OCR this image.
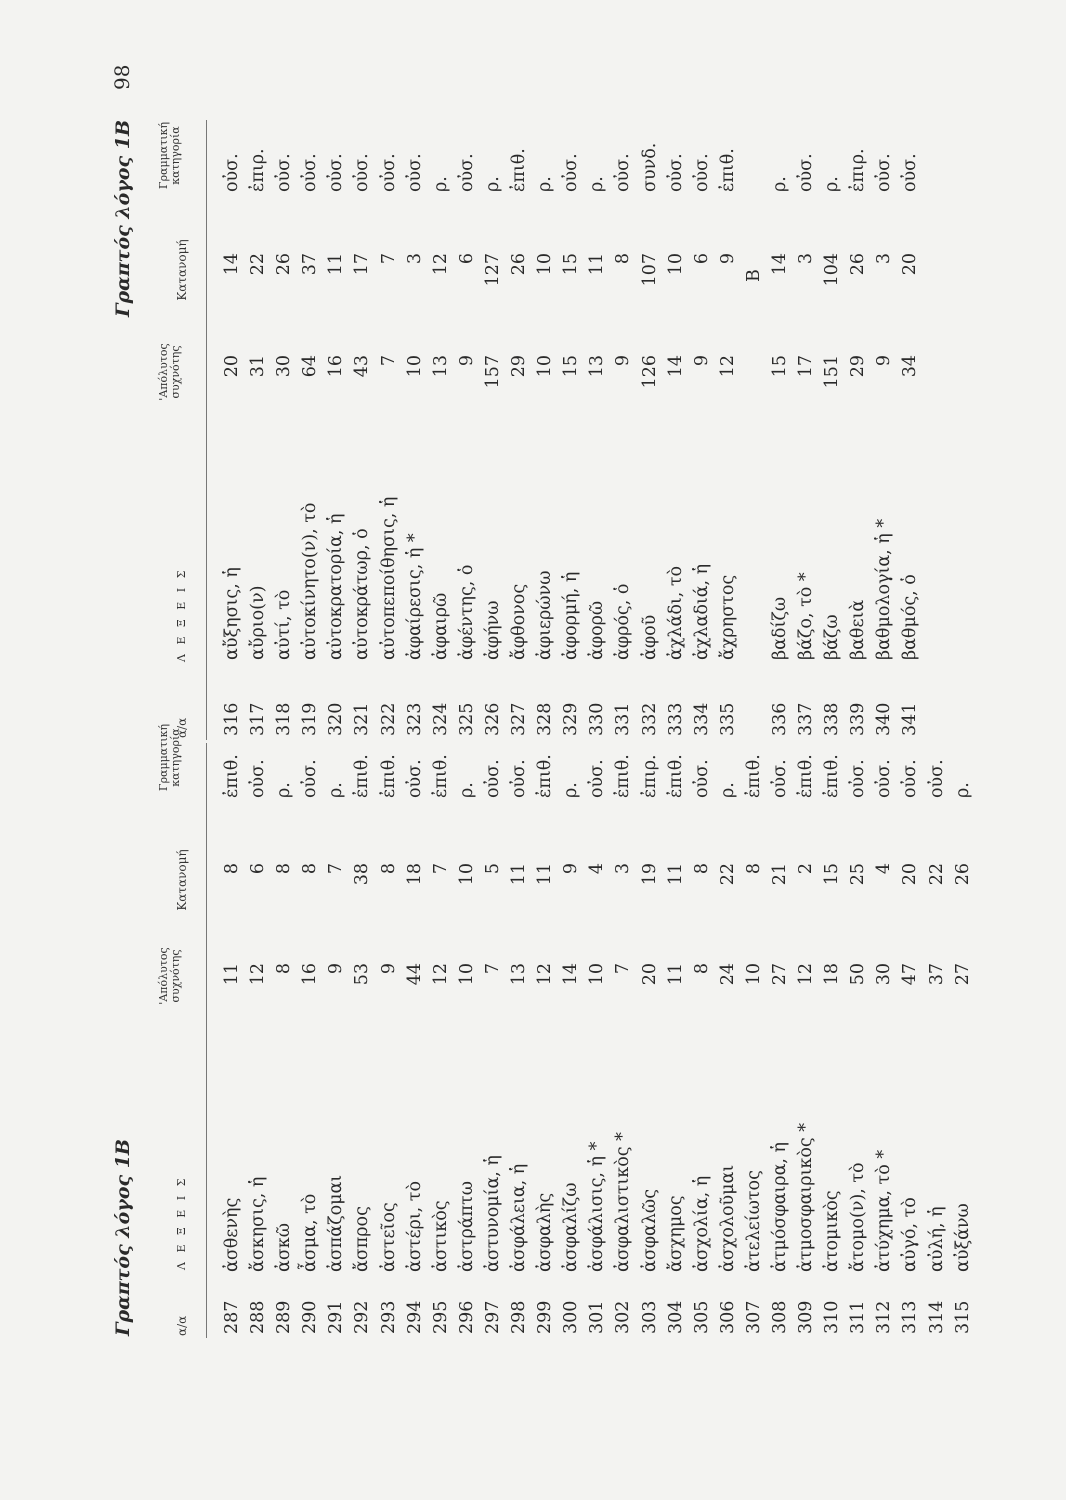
98
Γραπτός λόγος 1Β	α/α
Λ Ε Ξ Ε Ι Σ
'Απόλυτος συχνότης
Κατανομή
Γραμματική κατηγορία
287
ἀσθενὴς
11
8
ἐπιθ.
288
ἄσκησις, ἡ
12
6
οὐσ.
289
ἀσκῶ
8
8
ρ.
290
ἆσμα, τὸ
16
8
οὐσ.
291
ἀσπάζομαι
9
7
ρ.
292
ἄσπρος
53
38
ἐπιθ.
293
ἀστεῖος
9
8
ἐπιθ.
294
ἀστέρι, τὸ
44
18
οὐσ.
295
ἀστικὸς
12
7
ἐπιθ.
296
ἀστράπτω
10
10
ρ.
297
ἀστυνομία, ἡ
7
5
οὐσ.
298
ἀσφάλεια, ἡ
13
11
οὐσ.
299
ἀσφαλὴς
12
11
ἐπιθ.
300
ἀσφαλίζω
14
9
ρ.
301
ἀσφάλισις, ἡ *
10
4
οὐσ.
302
ἀσφαλιστικὸς *
7
3
ἐπιθ.
303
ἀσφαλῶς
20
19
ἐπιρ.
304
ἄσχημος
11
11
ἐπιθ.
305
ἀσχολία, ἡ
8
8
οὐσ.
306
ἀσχολοῦμαι
24
22
ρ.
307
ἀτελείωτος
10
8
ἐπιθ.
308
ἀτμόσφαιρα, ἡ
27
21
οὐσ.
309
ἀτμοσφαιρικὸς *
12
2
ἐπιθ.
310
ἀτομικὸς
18
15
ἐπιθ.
311
ἄτομο(ν), τὸ
50
25
οὐσ.
312
ἀτύχημα, τὸ *
30
4
οὐσ.
313
αὐγό, τὸ
47
20
οὐσ.
314
αὐλή, ἡ
37
22
οὐσ.
315
αὐξάνω
27
26
ρ.
Γραπτός λόγος 1Β
α/α
Λ Ε Ξ Ε Ι Σ
'Απόλυτος συχνότης
Κατανομή
Γραμματική κατηγορία
316
αὔξησις, ἡ
20
14
οὐσ.
317
αὔριο(ν)
31
22
ἐπιρ.
318
αὐτί, τὸ
30
26
οὐσ.
319
αὐτοκίνητο(ν), τὸ
64
37
οὐσ.
320
αὐτοκρατορία, ἡ
16
11
οὐσ.
321
αὐτοκράτωρ, ὁ
43
17
οὐσ.
322
αὐτοπεποίθησις, ἡ
7
7
οὐσ.
323
ἀφαίρεσις, ἡ *
10
3
οὐσ.
324
ἀφαιρῶ
13
12
ρ.
325
ἀφέντης, ὁ
9
6
οὐσ.
326
ἀφήνω
157
127
ρ.
327
ἄφθονος
29
26
ἐπιθ.
328
ἀφιερώνω
10
10
ρ.
329
ἀφορμή, ἡ
15
15
οὐσ.
330
ἀφορῶ
13
11
ρ.
331
ἀφρός, ὁ
9
8
οὐσ.
332
ἀφοῦ
126
107
συνδ.
333
ἀχλάδι, τὸ
14
10
οὐσ.
334
ἀχλαδιά, ἡ
9
6
οὐσ.
335
ἄχρηστος
12
9
ἐπιθ.
Β
336
βαδίζω
15
14
ρ.
337
βάζο, τὸ *
17
3
οὐσ.
338
βάζω
151
104
ρ.
339
βαθειὰ
29
26
ἐπιρ.
340
βαθμολογία, ἡ *
9
3
οὐσ.
341
βαθμός, ὁ
34
20
οὐσ.
